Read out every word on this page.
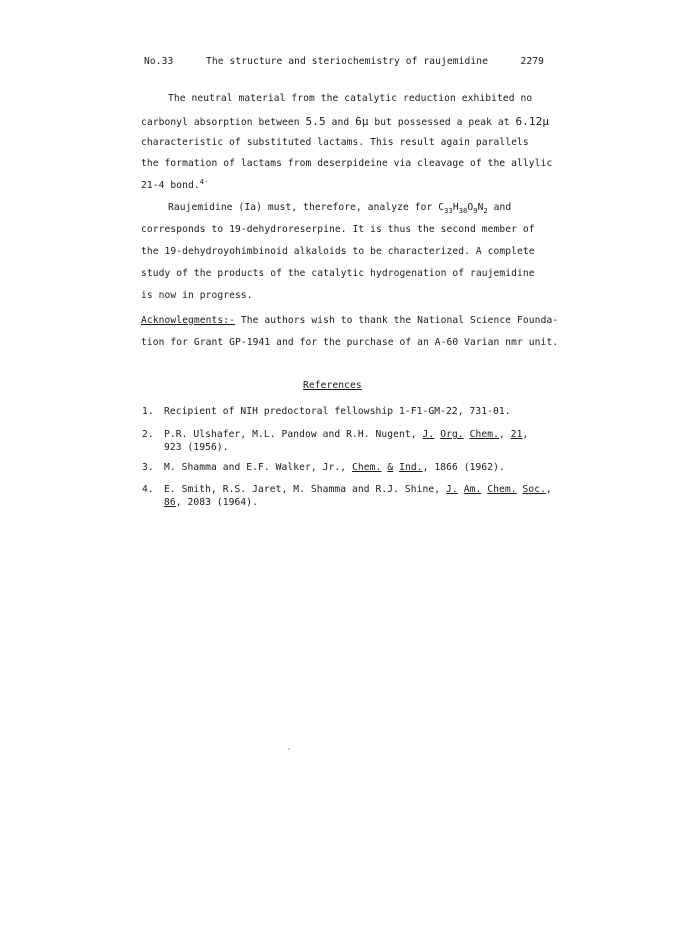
No.33	The structure and steriochemistry of raujemidine	2279
The neutral material from the catalytic reduction exhibited no
carbonyl absorption between 5.5 and 6μ but possessed a peak at 6.12μ
characteristic of substituted lactams. This result again parallels
the formation of lactams from deserpideine via cleavage of the allylic
21-4 bond.$^{4\cdot}$
Raujemidine (Ia) must, therefore, analyze for $C_{33}H_{38}O_9N_2$ and
corresponds to 19-dehydroreserpine. It is thus the second member of
the 19-dehydroyohimbinoid alkaloids to be characterized. A complete
study of the products of the catalytic hydrogenation of raujemidine
is now in progress.
Acknowlegments:- The authors wish to thank the National Science Founda-
tion for Grant GP-1941 and for the purchase of an A-60 Varian nmr unit.
References
1. Recipient of NIH predoctoral fellowship 1-F1-GM-22, 731-01.
2. P.R. Ulshafer, M.L. Pandow and R.H. Nugent, J. Org. Chem., 21,
923 (1956).
3. M. Shamma and E.F. Walker, Jr., Chem. & Ind., 1866 (1962).
4. E. Smith, R.S. Jaret, M. Shamma and R.J. Shine, J. Am. Chem. Soc.,
86, 2083 (1964).
